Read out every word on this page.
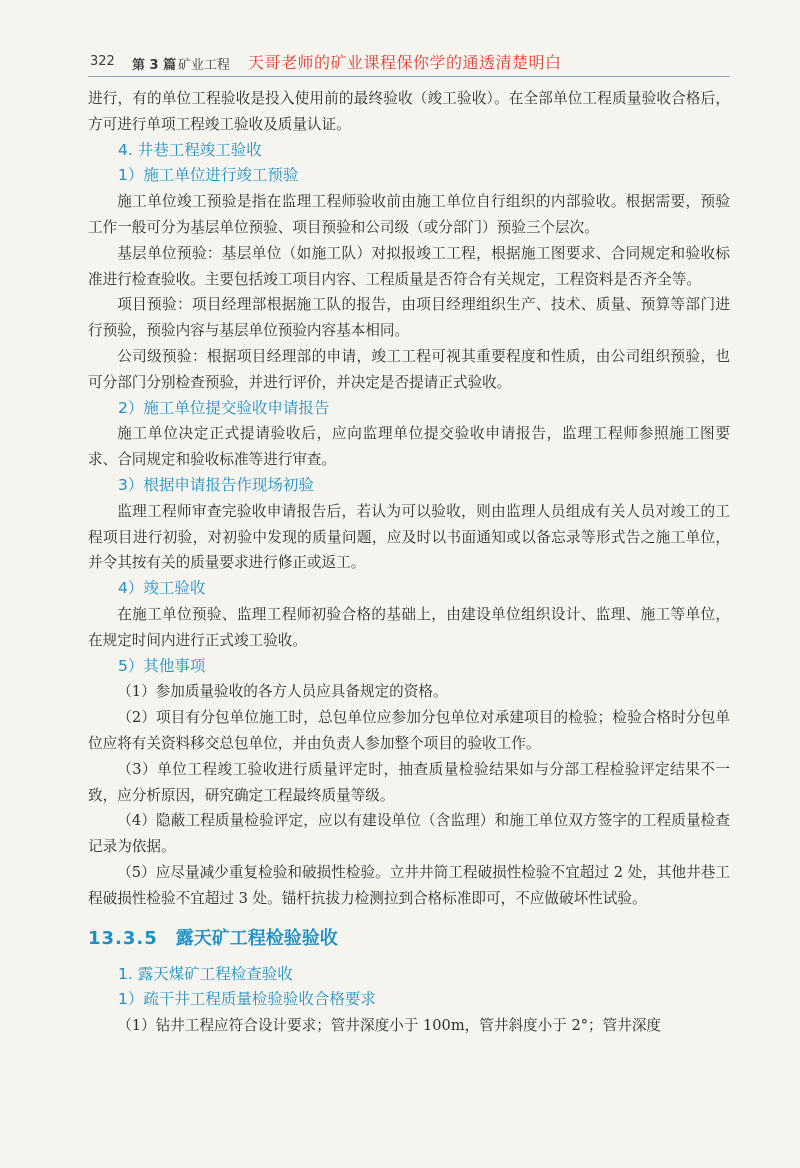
322 第 3 篇 矿业工程 天哥老师的矿业课程保你学的通透清楚明白

进行，有的单位工程验收是投入使用前的最终验收（竣工验收）。在全部单位工程质量验收合格后，方可进行单项工程竣工验收及质量认证。

4. 井巷工程竣工验收
1）施工单位进行竣工预验

施工单位竣工预验是指在监理工程师验收前由施工单位自行组织的内部验收。根据需要，预验工作一般可分为基层单位预验、项目预验和公司级（或分部门）预验三个层次。

基层单位预验：基层单位（如施工队）对拟报竣工工程，根据施工图要求、合同规定和验收标准进行检查验收。主要包括竣工项目内容、工程质量是否符合有关规定，工程资料是否齐全等。

项目预验：项目经理部根据施工队的报告，由项目经理组织生产、技术、质量、预算等部门进行预验，预验内容与基层单位预验内容基本相同。

公司级预验：根据项目经理部的申请，竣工工程可视其重要程度和性质，由公司组织预验，也可分部门分别检查预验，并进行评价，并决定是否提请正式验收。

2）施工单位提交验收申请报告

施工单位决定正式提请验收后，应向监理单位提交验收申请报告，监理工程师参照施工图要求、合同规定和验收标准等进行审查。

3）根据申请报告作现场初验

监理工程师审查完验收申请报告后，若认为可以验收，则由监理人员组成有关人员对竣工的工程项目进行初验，对初验中发现的质量问题，应及时以书面通知或以备忘录等形式告之施工单位，并令其按有关的质量要求进行修正或返工。

4）竣工验收

在施工单位预验、监理工程师初验合格的基础上，由建设单位组织设计、监理、施工等单位，在规定时间内进行正式竣工验收。

5）其他事项

（1）参加质量验收的各方人员应具备规定的资格。

（2）项目有分包单位施工时，总包单位应参加分包单位对承建项目的检验；检验合格时分包单位应将有关资料移交总包单位，并由负责人参加整个项目的验收工作。

（3）单位工程竣工验收进行质量评定时，抽查质量检验结果如与分部工程检验评定结果不一致，应分析原因，研究确定工程最终质量等级。

（4）隐蔽工程质量检验评定，应以有建设单位（含监理）和施工单位双方签字的工程质量检查记录为依据。

（5）应尽量减少重复检验和破损性检验。立井井筒工程破损性检验不宜超过 2 处，其他井巷工程破损性检验不宜超过 3 处。锚杆抗拔力检测拉到合格标准即可，不应做破坏性试验。

13.3.5 露天矿工程检验验收
1. 露天煤矿工程检查验收
1）疏干井工程质量检验验收合格要求

（1）钻井工程应符合设计要求；管井深度小于 100m，管井斜度小于 2°；管井深度
